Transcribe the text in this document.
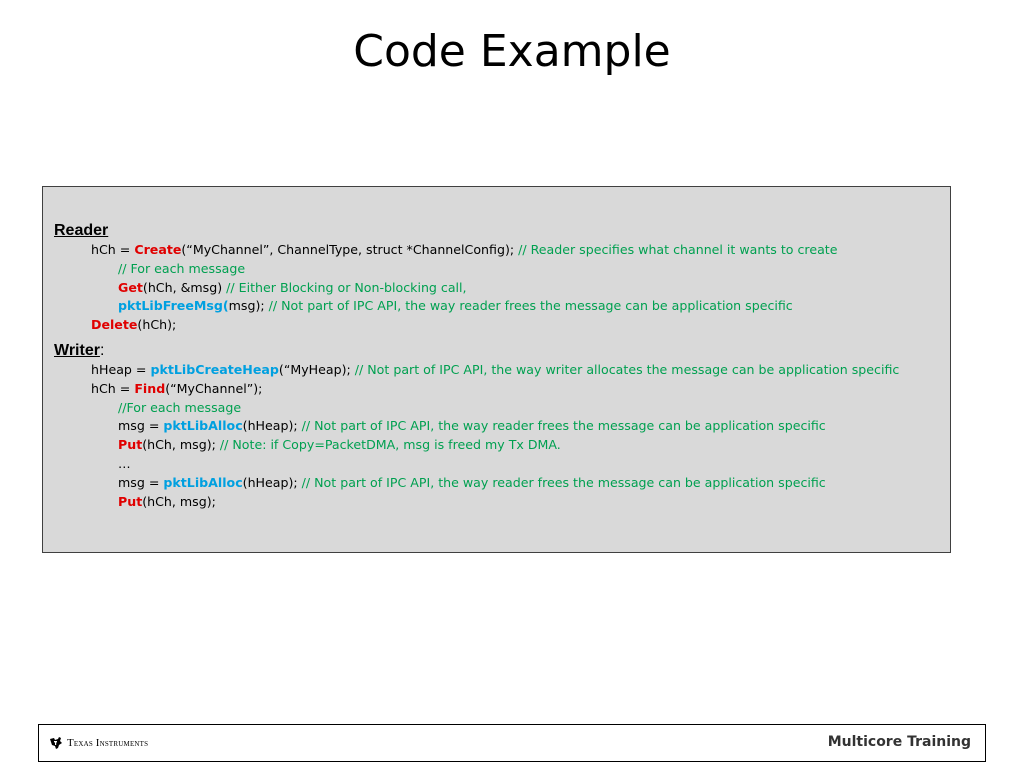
Code Example
Reader
hCh = Create(“MyChannel”, ChannelType, struct *ChannelConfig); // Reader specifies what channel it wants to create
// For each message
Get(hCh, &msg) // Either Blocking or Non-blocking call,
pktLibFreeMsg(msg); // Not part of IPC API, the way reader frees the message can be application specific
Delete(hCh);
Writer:
hHeap = pktLibCreateHeap(“MyHeap); // Not part of IPC API, the way writer allocates the message can be application specific
hCh = Find(“MyChannel”);
//For each message
msg = pktLibAlloc(hHeap); // Not part of IPC API, the way reader frees the message can be application specific
Put(hCh, msg); // Note: if Copy=PacketDMA, msg is freed my Tx DMA.
…
msg = pktLibAlloc(hHeap); // Not part of IPC API, the way reader frees the message can be application specific
Put(hCh, msg);
Texas Instruments	Multicore Training
